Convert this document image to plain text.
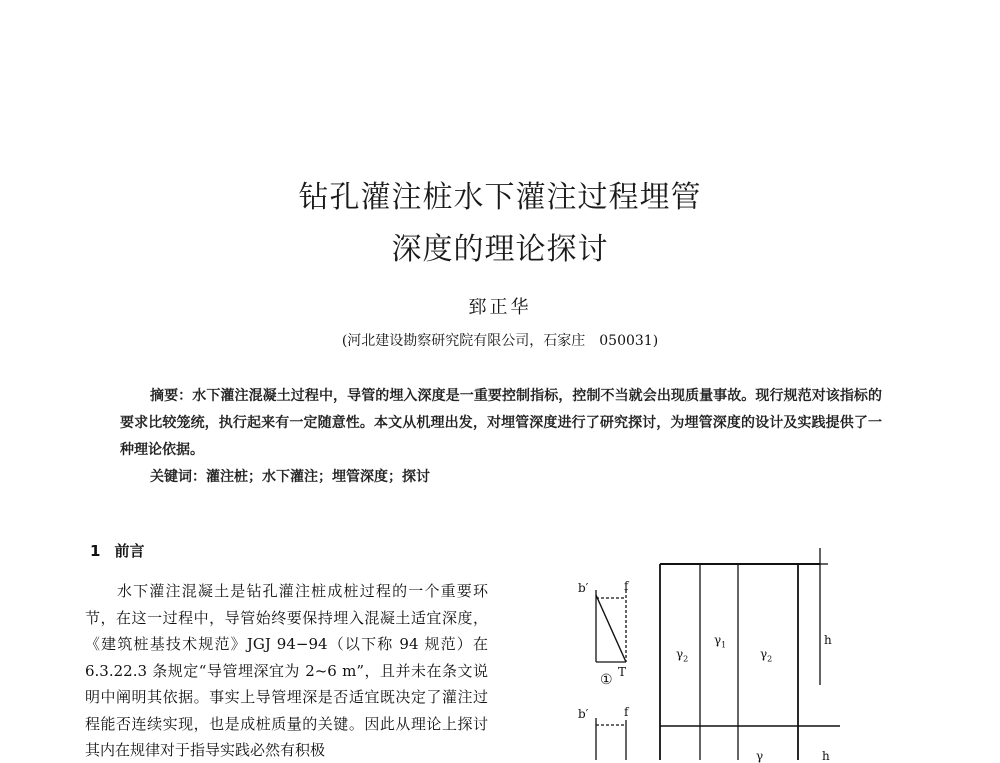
钻孔灌注桩水下灌注过程埋管
深度的理论探讨
郅正华
(河北建设勘察研究院有限公司，石家庄　050031)
摘要：水下灌注混凝土过程中，导管的埋入深度是一重要控制指标，控制不当就会出现质量事故。现行规范对该指标的要求比较笼统，执行起来有一定随意性。本文从机理出发，对埋管深度进行了研究探讨，为埋管深度的设计及实践提供了一种理论依据。
关键词：灌注桩；水下灌注；埋管深度；探讨
1 前言
水下灌注混凝土是钻孔灌注桩成桩过程的一个重要环节，在这一过程中，导管始终要保持埋入混凝土适宜深度，《建筑桩基技术规范》JGJ 94−94（以下称 94 规范）在 6.3.22.3 条规定“导管埋深宜为 2~6 m”，且并未在条文说明中阐明其依据。事实上导管埋深是否适宜既决定了灌注过程能否连续实现，也是成桩质量的关键。因此从理论上探讨其内在规律对于指导实践必然有积极
b′	f
T
①
b′	f
$\gamma_2$
$\gamma_1$
$\gamma_2$
h
γ	h
